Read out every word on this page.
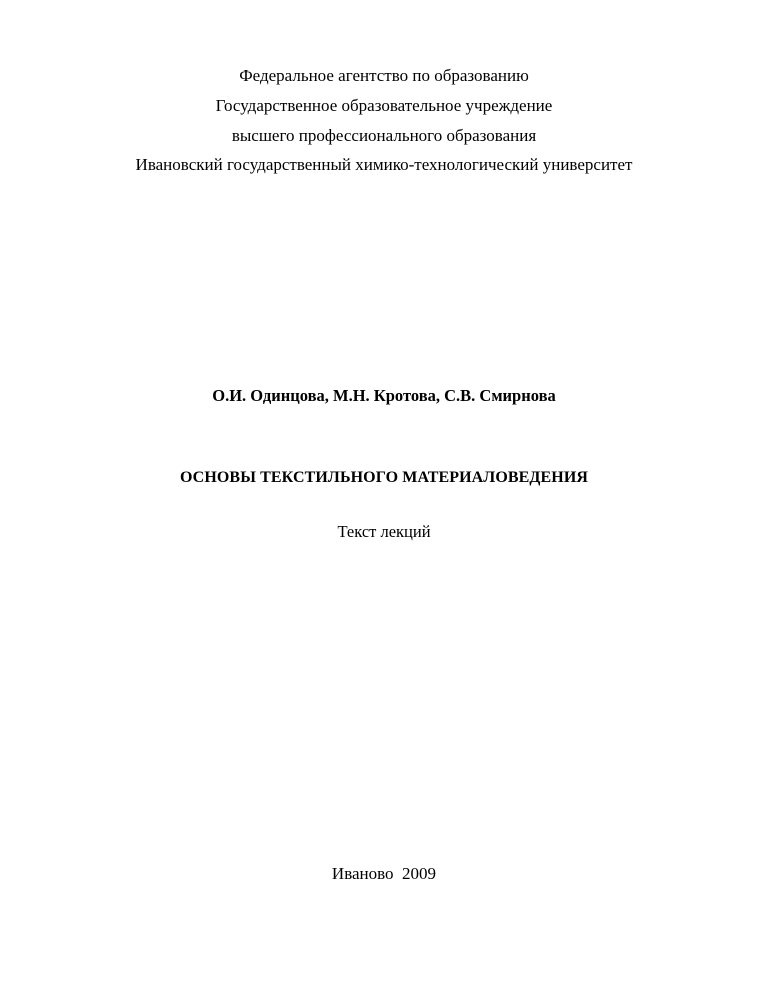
Федеральное агентство по образованию
Государственное образовательное учреждение
высшего профессионального образования
Ивановский государственный химико-технологический университет
О.И. Одинцова, М.Н. Кротова, С.В. Смирнова
ОСНОВЫ ТЕКСТИЛЬНОГО МАТЕРИАЛОВЕДЕНИЯ
Текст лекций
Иваново  2009
